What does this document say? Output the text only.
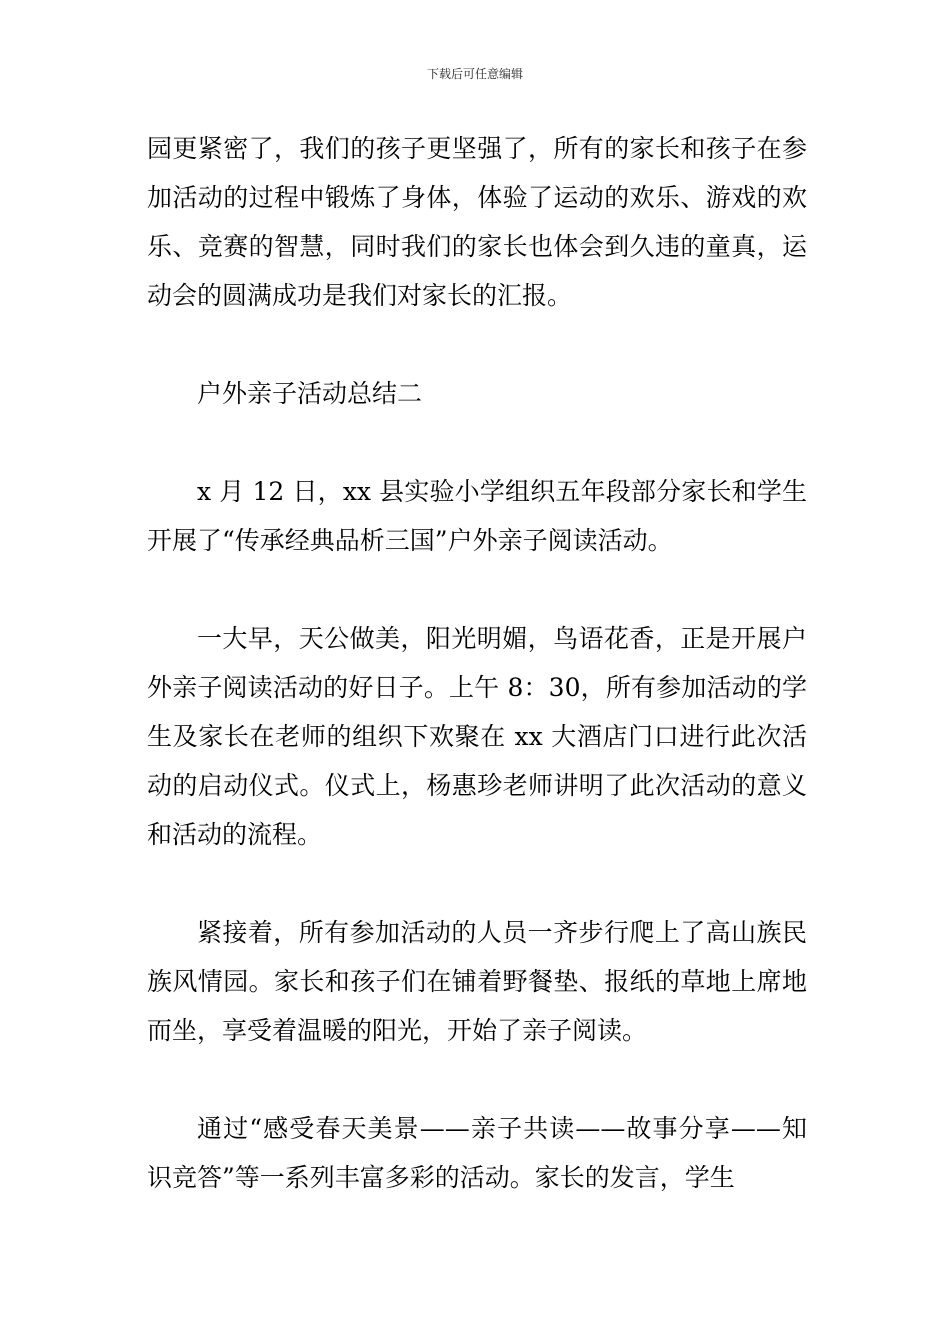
下载后可任意编辑

园更紧密了，我们的孩子更坚强了，所有的家长和孩子在参加活动的过程中锻炼了身体，体验了运动的欢乐、游戏的欢乐、竞赛的智慧，同时我们的家长也体会到久违的童真，运动会的圆满成功是我们对家长的汇报。

户外亲子活动总结二

x 月 12 日，xx 县实验小学组织五年段部分家长和学生开展了“传承经典品析三国”户外亲子阅读活动。

一大早，天公做美，阳光明媚，鸟语花香，正是开展户外亲子阅读活动的好日子。上午 8：30，所有参加活动的学生及家长在老师的组织下欢聚在 xx 大酒店门口进行此次活动的启动仪式。仪式上，杨惠珍老师讲明了此次活动的意义和活动的流程。

紧接着，所有参加活动的人员一齐步行爬上了高山族民族风情园。家长和孩子们在铺着野餐垫、报纸的草地上席地而坐，享受着温暖的阳光，开始了亲子阅读。

通过“感受春天美景——亲子共读——故事分享——知识竞答”等一系列丰富多彩的活动。家长的发言，学生
